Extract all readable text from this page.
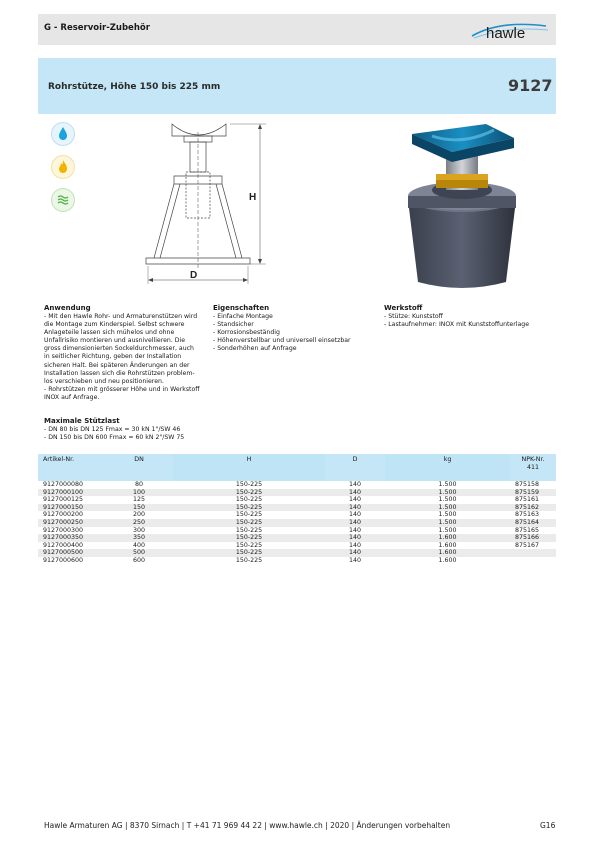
G - Reservoir-Zubehör	hawle
Rohrstütze, Höhe 150 bis 225 mm	9127
H
D
Anwendung
- Mit den Hawle Rohr- und Armaturenstützen wird
die Montage zum Kinderspiel. Selbst schwere
Anlageteile lassen sich mühelos und ohne
Unfallrisiko montieren und ausnivellieren. Die
gross dimensionierten Sockeldurchmesser, auch
in seitlicher Richtung, geben der Installation
sicheren Halt. Bei späteren Änderungen an der
Installation lassen sich die Rohrstützen problem-
los verschieben und neu positionieren.
- Rohrstützen mit grösserer Höhe und in Werkstoff
INOX auf Anfrage.
Maximale Stützlast
- DN 80 bis DN 125 Fmax = 30 kN 1"/SW 46
- DN 150 bis DN 600 Fmax = 60 kN 2"/SW 75
Eigenschaften
- Einfache Montage
- Standsicher
- Korrosionsbeständig
- Höhenverstellbar und universell einsetzbar
- Sonderhöhen auf Anfrage
Werkstoff
- Stütze: Kunststoff
- Lastaufnehmer: INOX mit Kunststoffunterlage
Artikel-Nr.	DN	H	D	kg	NPK-Nr.
411
9127000080	80	150-225	140	1.500	875158
9127000100	100	150-225	140	1.500	875159
9127000125	125	150-225	140	1.500	875161
9127000150	150	150-225	140	1.500	875162
9127000200	200	150-225	140	1.500	875163
9127000250	250	150-225	140	1.500	875164
9127000300	300	150-225	140	1.500	875165
9127000350	350	150-225	140	1.600	875166
9127000400	400	150-225	140	1.600	875167
9127000500	500	150-225	140	1.600	
9127000600	600	150-225	140	1.600	
Hawle Armaturen AG | 8370 Sirnach | T +41 71 969 44 22 | www.hawle.ch | 2020 | Änderungen vorbehalten	G16
